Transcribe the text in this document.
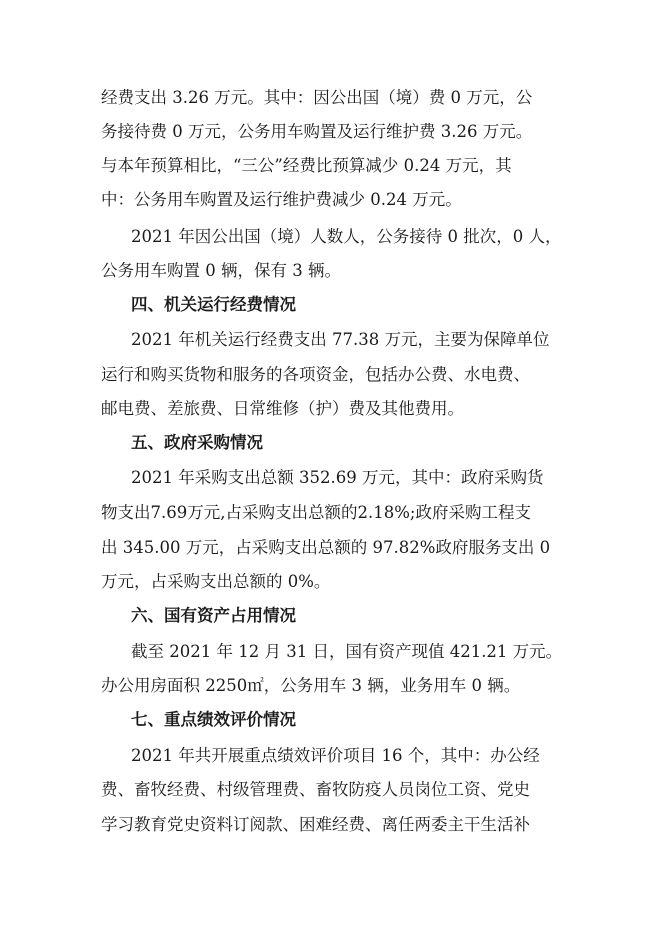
经费支出 3.26 万元。其中：因公出国（境）费 0 万元，公
务接待费 0 万元，公务用车购置及运行维护费 3.26 万元。
与本年预算相比，“三公”经费比预算减少 0.24 万元，其
中：公务用车购置及运行维护费减少 0.24 万元。
2021 年因公出国（境）人数人，公务接待 0 批次，0 人，
公务用车购置 0 辆，保有 3 辆。
四、机关运行经费情况
2021 年机关运行经费支出 77.38 万元，主要为保障单位
运行和购买货物和服务的各项资金，包括办公费、水电费、
邮电费、差旅费、日常维修（护）费及其他费用。
五、政府采购情况
2021 年采购支出总额 352.69 万元，其中：政府采购货
物支出7.69万元,占采购支出总额的2.18%;政府采购工程支
出 345.00 万元，占采购支出总额的 97.82%政府服务支出 0
万元，占采购支出总额的 0%。
六、国有资产占用情况
截至 2021 年 12 月 31 日，国有资产现值 421.21 万元。
办公用房面积 2250㎡，公务用车 3 辆，业务用车 0 辆。
七、重点绩效评价情况
2021 年共开展重点绩效评价项目 16 个，其中：办公经
费、畜牧经费、村级管理费、畜牧防疫人员岗位工资、党史
学习教育党史资料订阅款、困难经费、离任两委主干生活补
